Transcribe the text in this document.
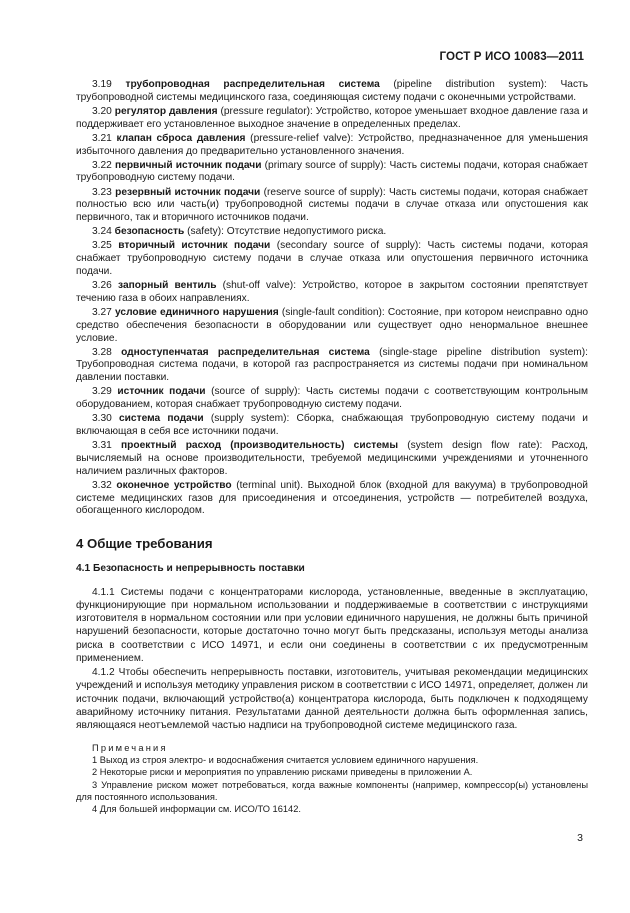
ГОСТ Р ИСО 10083—2011

3.19 трубопроводная распределительная система (pipeline distribution system): Часть трубопроводной системы медицинского газа, соединяющая систему подачи с оконечными устройствами.

3.20 регулятор давления (pressure regulator): Устройство, которое уменьшает входное давление газа и поддерживает его установленное выходное значение в определенных пределах.

3.21 клапан сброса давления (pressure-relief valve): Устройство, предназначенное для уменьшения избыточного давления до предварительно установленного значения.

3.22 первичный источник подачи (primary source of supply): Часть системы подачи, которая снабжает трубопроводную систему подачи.

3.23 резервный источник подачи (reserve source of supply): Часть системы подачи, которая снабжает полностью всю или часть(и) трубопроводной системы подачи в случае отказа или опустошения как первичного, так и вторичного источников подачи.

3.24 безопасность (safety): Отсутствие недопустимого риска.

3.25 вторичный источник подачи (secondary source of supply): Часть системы подачи, которая снабжает трубопроводную систему подачи в случае отказа или опустошения первичного источника подачи.

3.26 запорный вентиль (shut-off valve): Устройство, которое в закрытом состоянии препятствует течению газа в обоих направлениях.

3.27 условие единичного нарушения (single-fault condition): Состояние, при котором неисправно одно средство обеспечения безопасности в оборудовании или существует одно ненормальное внешнее условие.

3.28 одноступенчатая распределительная система (single-stage pipeline distribution system): Трубопроводная система подачи, в которой газ распространяется из системы подачи при номинальном давлении поставки.

3.29 источник подачи (source of supply): Часть системы подачи с соответствующим контрольным оборудованием, которая снабжает трубопроводную систему подачи.

3.30 система подачи (supply system): Сборка, снабжающая трубопроводную систему подачи и включающая в себя все источники подачи.

3.31 проектный расход (производительность) системы (system design flow rate): Расход, вычисляемый на основе производительности, требуемой медицинскими учреждениями и уточненного наличием различных факторов.

3.32 оконечное устройство (terminal unit). Выходной блок (входной для вакуума) в трубопроводной системе медицинских газов для присоединения и отсоединения, устройств — потребителей воздуха, обогащенного кислородом.

4 Общие требования
4.1 Безопасность и непрерывность поставки

4.1.1 Системы подачи с концентраторами кислорода, установленные, введенные в эксплуатацию, функционирующие при нормальном использовании и поддерживаемые в соответствии с инструкциями изготовителя в нормальном состоянии или при условии единичного нарушения, не должны быть причиной нарушений безопасности, которые достаточно точно могут быть предсказаны, используя методы анализа риска в соответствии с ИСО 14971, и если они соединены в соответствии с их предусмотренным применением.

4.1.2 Чтобы обеспечить непрерывность поставки, изготовитель, учитывая рекомендации медицинских учреждений и используя методику управления риском в соответствии с ИСО 14971, определяет, должен ли источник подачи, включающий устройство(а) концентратора кислорода, быть подключен к подходящему аварийному источнику питания. Результатами данной деятельности должна быть оформленная запись, являющаяся неотъемлемой частью надписи на трубопроводной системе медицинского газа.

Примечания

1 Выход из строя электро- и водоснабжения считается условием единичного нарушения.

2 Некоторые риски и мероприятия по управлению рисками приведены в приложении А.

3 Управление риском может потребоваться, когда важные компоненты (например, компрессор(ы) установлены для постоянного использования.

4 Для большей информации см. ИСО/ТО 16142.

3
